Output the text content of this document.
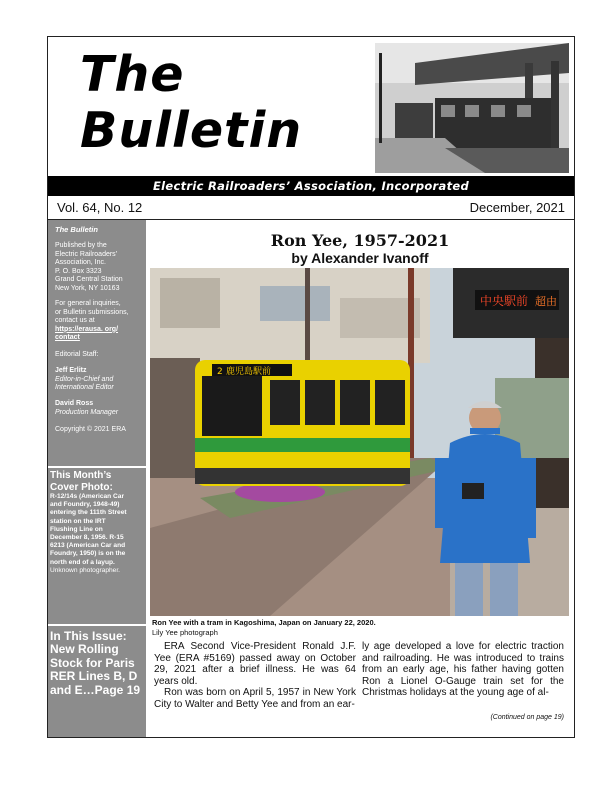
The
Bulletin
Electric Railroaders’ Association, Incorporated
Vol. 64, No. 12	December, 2021
The Bulletin
Published by the
Electric Railroaders’
Association, Inc.
P. O. Box 3323
Grand Central Station
New York, NY 10163
For general inquiries,
or Bulletin submissions,
contact us at
https://erausa. org/
contact
Editorial Staff:
Jeff Erlitz
Editor-in-Chief and
International Editor
David Ross
Production Manager
Copyright © 2021 ERA
This Month’s
Cover Photo:
R-12/14s (American Car
and Foundry, 1948-49)
entering the 111th Street
station on the IRT
Flushing Line on
December 8, 1956. R-15
6213 (American Car and
Foundry, 1950) is on the
north end of a layup.
Unknown photographer.
In This Issue:
New Rolling
Stock for Paris
RER Lines B, D
and E…Page 19
Ron Yee, 1957-2021
by Alexander Ivanoff
中央駅前 超由
2 鹿児島駅前
Ron Yee with a tram in Kagoshima, Japan on January 22, 2020.
Lily Yee photograph

ERA Second Vice-President Ronald J.F. Yee (ERA #5169) passed away on October 29, 2021 after a brief illness. He was 64 years old.

Ron was born on April 5, 1957 in New York City to Walter and Betty Yee and from an ear-

ly age developed a love for electric traction and railroading. He was introduced to trains from an early age, his father having gotten Ron a Lionel O-Gauge train set for the Christmas holidays at the young age of al-

(Continued on page 19)
